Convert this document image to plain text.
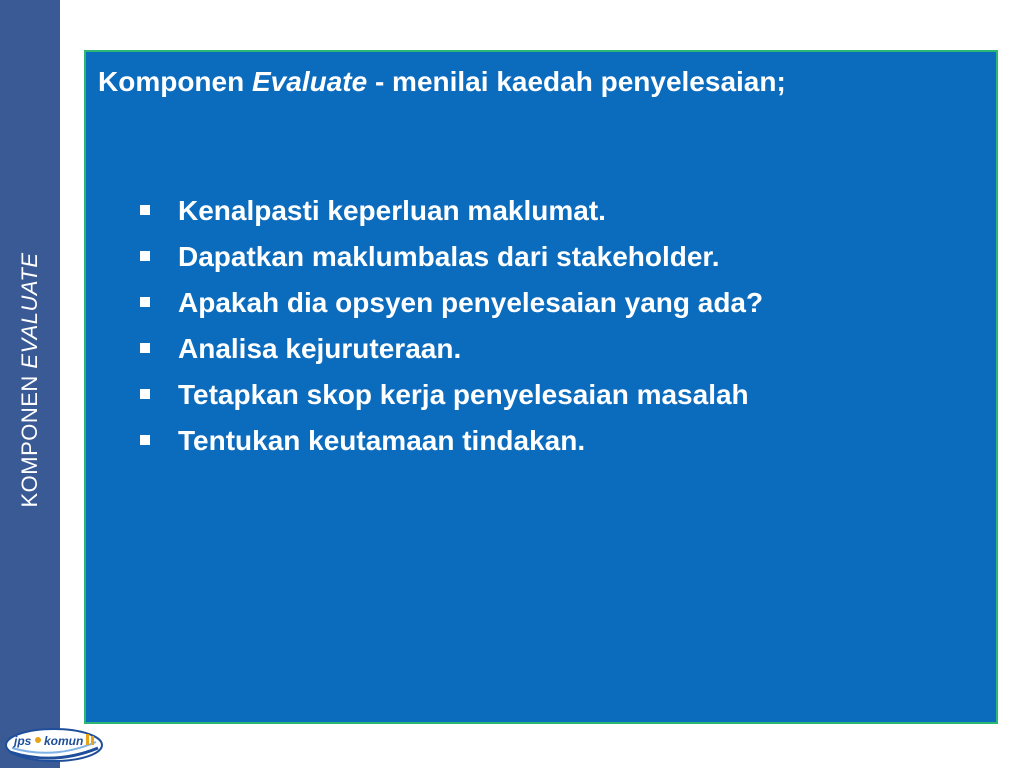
KOMPONEN EVALUATE
Komponen Evaluate - menilai kaedah penyelesaian;
Kenalpasti keperluan maklumat.
Dapatkan maklumbalas dari stakeholder.
Apakah dia opsyen penyelesaian yang ada?
Analisa kejuruteraan.
Tetapkan skop kerja penyelesaian masalah
Tentukan keutamaan tindakan.
jps komun
